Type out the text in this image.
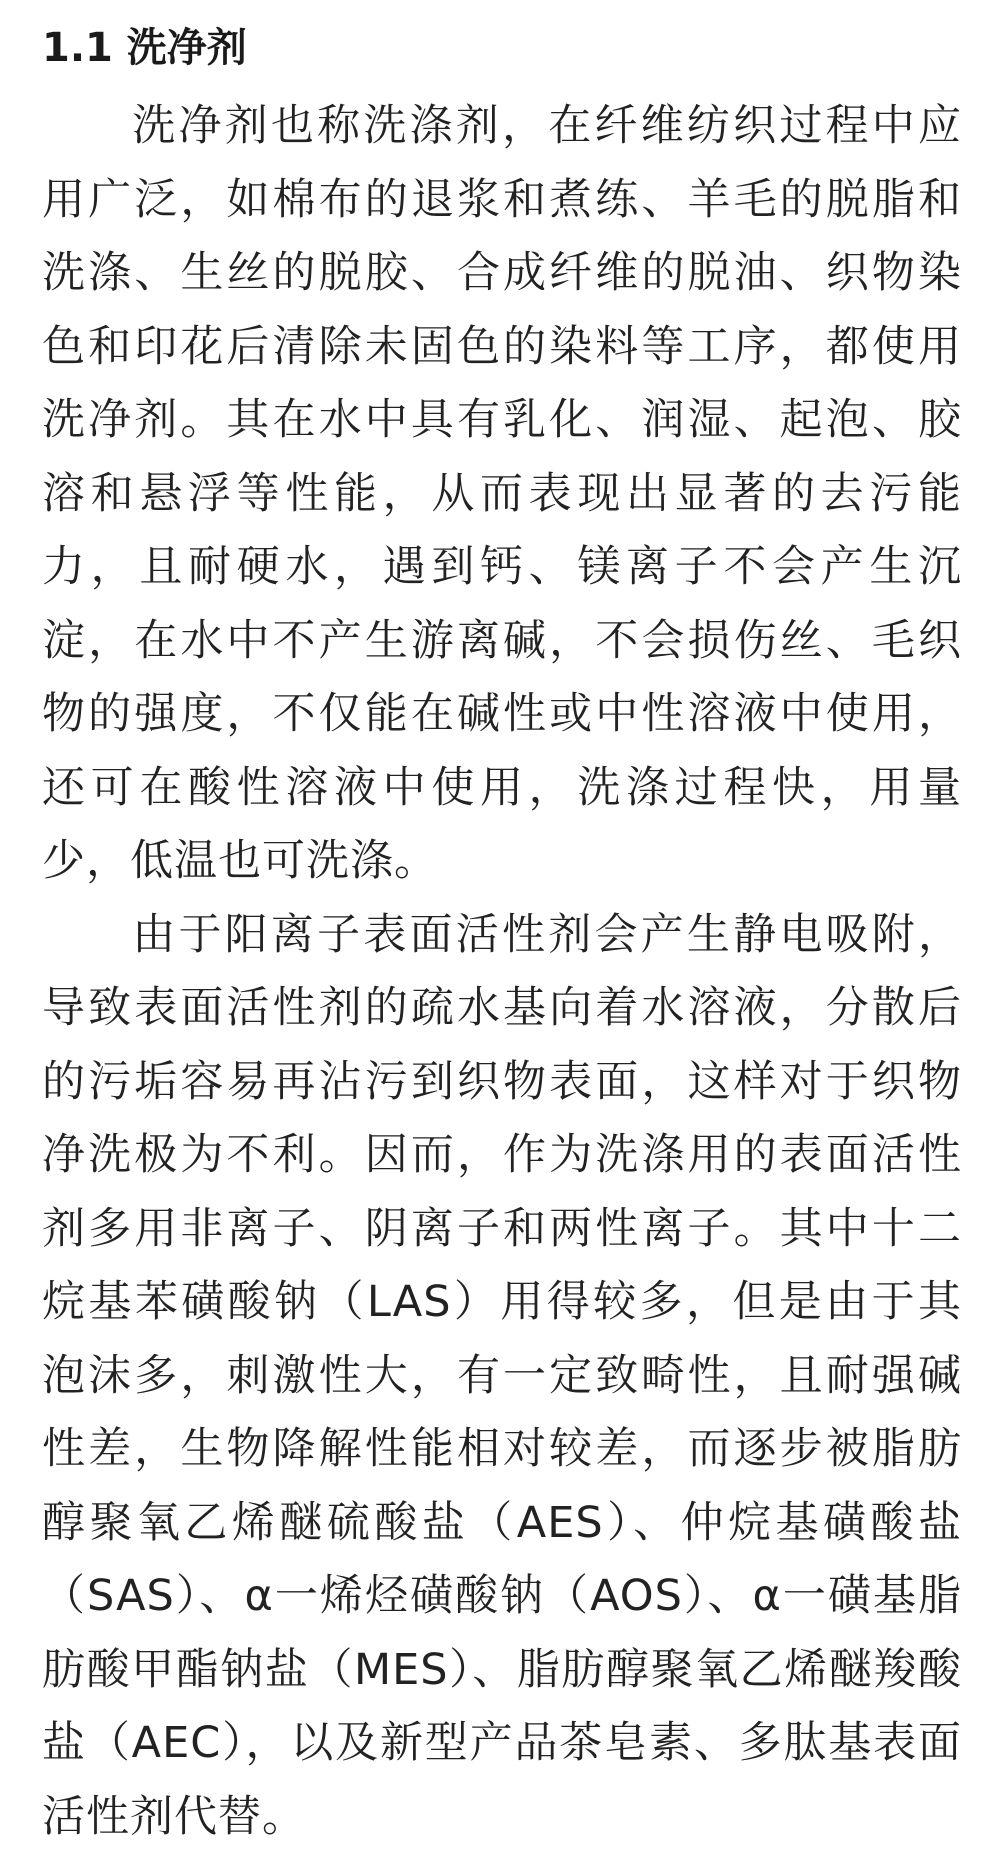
1.1 洗净剂

洗净剂也称洗涤剂，在纤维纺织过程中应用广泛，如棉布的退浆和煮练、羊毛的脱脂和洗涤、生丝的脱胶、合成纤维的脱油、织物染色和印花后清除未固色的染料等工序，都使用洗净剂。其在水中具有乳化、润湿、起泡、胶溶和悬浮等性能，从而表现出显著的去污能力，且耐硬水，遇到钙、镁离子不会产生沉淀，在水中不产生游离碱，不会损伤丝、毛织物的强度，不仅能在碱性或中性溶液中使用，还可在酸性溶液中使用，洗涤过程快，用量少，低温也可洗涤。

由于阳离子表面活性剂会产生静电吸附，导致表面活性剂的疏水基向着水溶液，分散后的污垢容易再沾污到织物表面，这样对于织物净洗极为不利。因而，作为洗涤用的表面活性剂多用非离子、阴离子和两性离子。其中十二烷基苯磺酸钠（LAS）用得较多，但是由于其泡沫多，刺激性大，有一定致畸性，且耐强碱性差，生物降解性能相对较差，而逐步被脂肪醇聚氧乙烯醚硫酸盐（AES）、仲烷基磺酸盐（SAS）、α一烯烃磺酸钠（AOS）、α一磺基脂肪酸甲酯钠盐（MES）、脂肪醇聚氧乙烯醚羧酸盐（AEC），以及新型产品茶皂素、多肽基表面活性剂代替。
